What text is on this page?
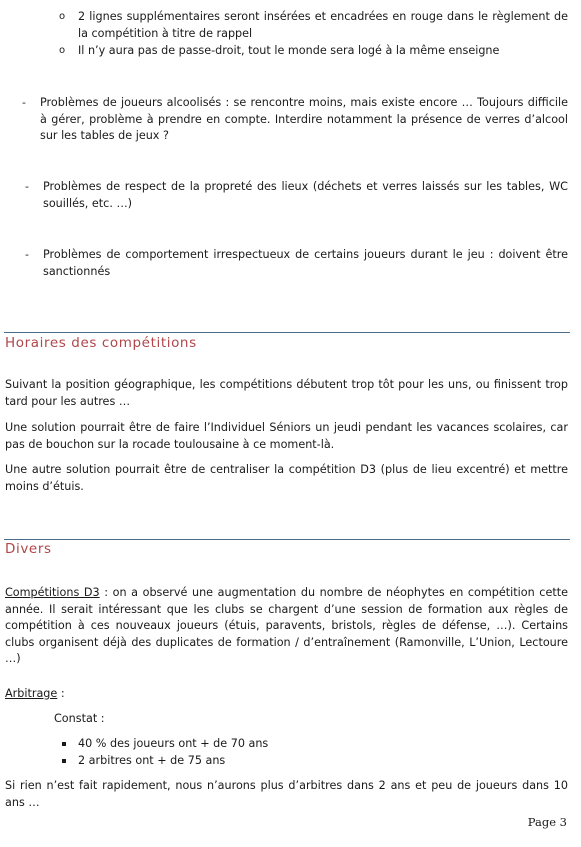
o 2 lignes supplémentaires seront insérées et encadrées en rouge dans le règlement de la compétition à titre de rappel
o Il n’y aura pas de passe-droit, tout le monde sera logé à la même enseigne
- Problèmes de joueurs alcoolisés : se rencontre moins, mais existe encore … Toujours difficile à gérer, problème à prendre en compte. Interdire notamment la présence de verres d’alcool sur les tables de jeux ?
- Problèmes de respect de la propreté des lieux (déchets et verres laissés sur les tables, WC souillés, etc. …)
- Problèmes de comportement irrespectueux de certains joueurs durant le jeu : doivent être sanctionnés
Horaires des compétitions
Suivant la position géographique, les compétitions débutent trop tôt pour les uns, ou finissent trop tard pour les autres …
Une solution pourrait être de faire l’Individuel Séniors un jeudi pendant les vacances scolaires, car pas de bouchon sur la rocade toulousaine à ce moment-là.
Une autre solution pourrait être de centraliser la compétition D3 (plus de lieu excentré) et mettre moins d’étuis.
Divers
Compétitions D3 : on a observé une augmentation du nombre de néophytes en compétition cette année. Il serait intéressant que les clubs se chargent d’une session de formation aux règles de compétition à ces nouveaux joueurs (étuis, paravents, bristols, règles de défense, …). Certains clubs organisent déjà des duplicates de formation / d’entraînement (Ramonville, L’Union, Lectoure …)
Arbitrage :
Constat :
40 % des joueurs ont + de 70 ans
2 arbitres ont + de 75 ans
Si rien n’est fait rapidement, nous n’aurons plus d’arbitres dans 2 ans et peu de joueurs dans 10 ans …
Page 3
